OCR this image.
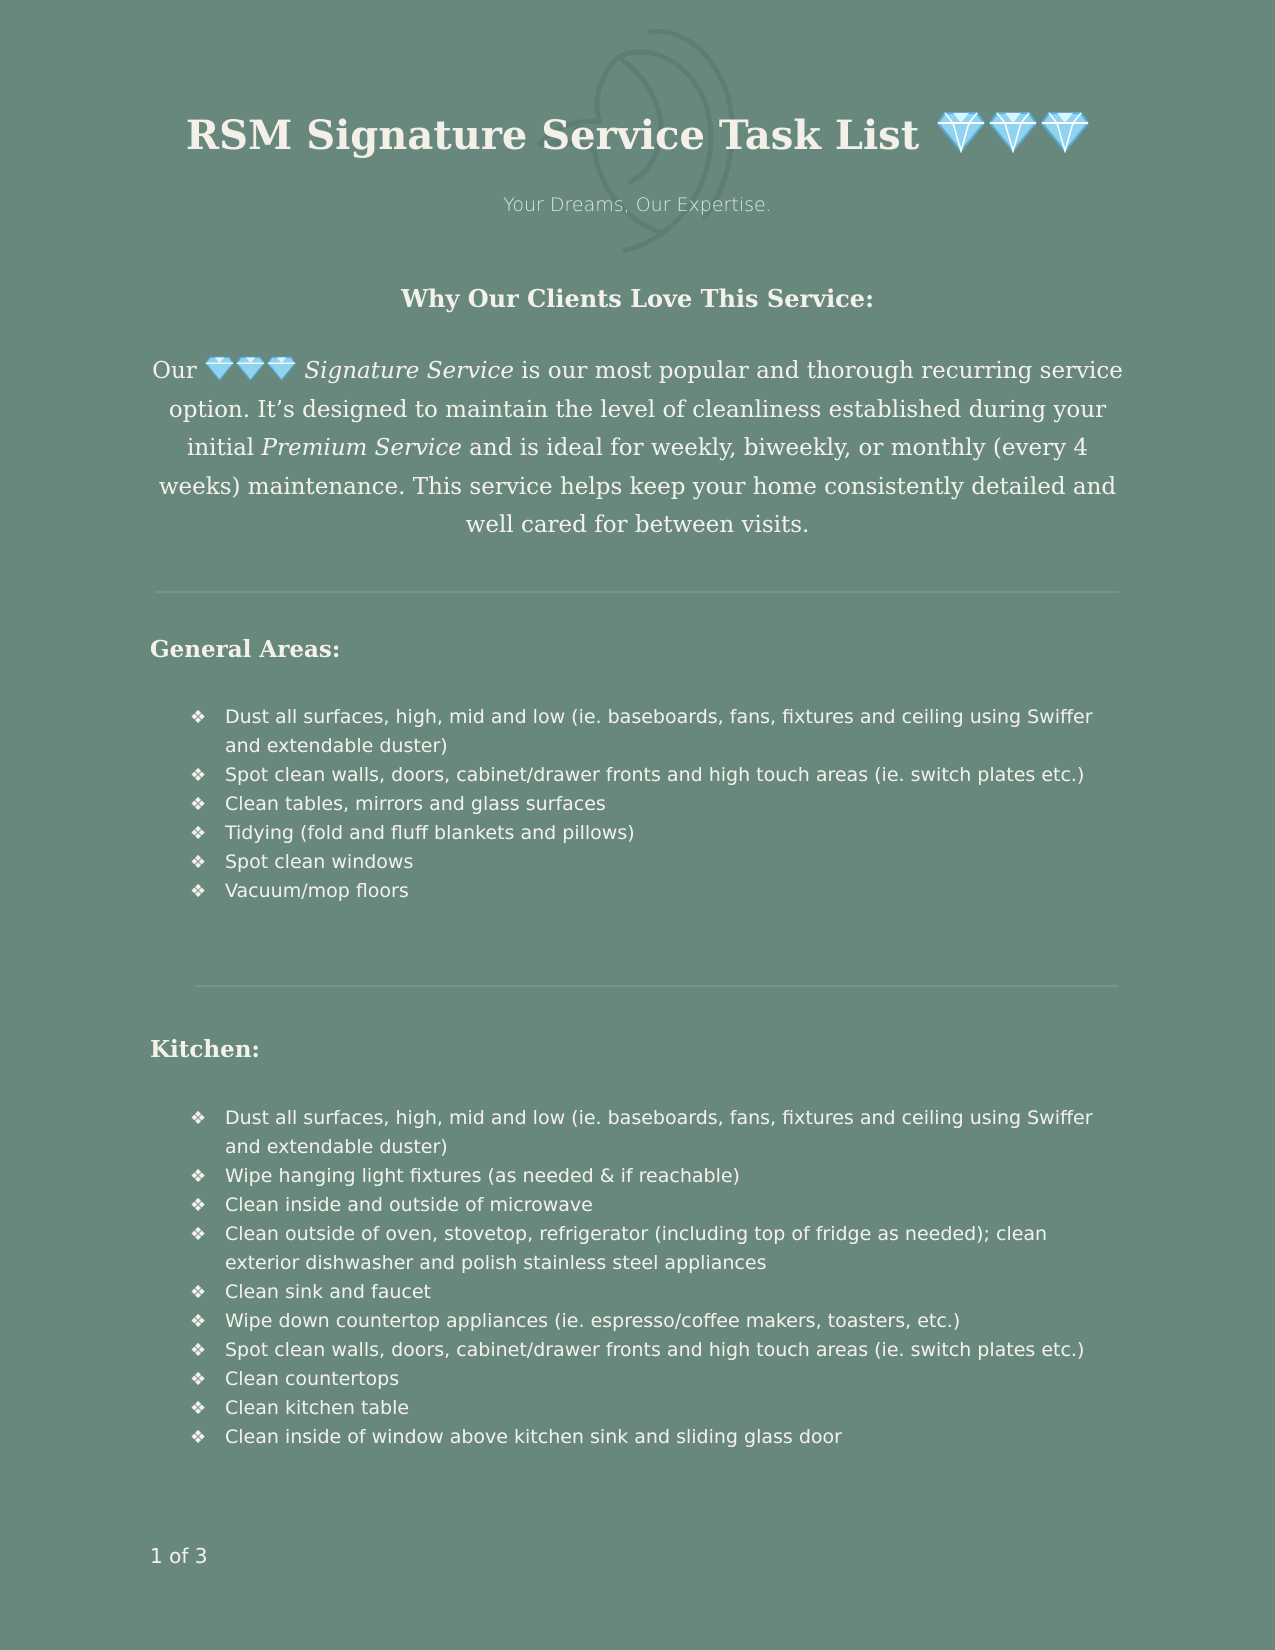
RSM Signature Service Task List
Your Dreams, Our Expertise.
Why Our Clients Love This Service:

Our	Signature Service is our most popular and thorough recurring service option. It’s designed to maintain the level of cleanliness established during your initial Premium Service and is ideal for weekly, biweekly, or monthly (every 4 weeks) maintenance. This service helps keep your home consistently detailed and well cared for between visits.

General Areas:
❖ Dust all surfaces, high, mid and low (ie. baseboards, fans, fixtures and ceiling using Swiffer and extendable duster)
❖ Spot clean walls, doors, cabinet/drawer fronts and high touch areas (ie. switch plates etc.)
❖ Clean tables, mirrors and glass surfaces
❖ Tidying (fold and fluff blankets and pillows)
❖ Spot clean windows
❖ Vacuum/mop floors
Kitchen:
❖ Dust all surfaces, high, mid and low (ie. baseboards, fans, fixtures and ceiling using Swiffer and extendable duster)
❖ Wipe hanging light fixtures (as needed & if reachable)
❖ Clean inside and outside of microwave
❖ Clean outside of oven, stovetop, refrigerator (including top of fridge as needed); clean exterior dishwasher and polish stainless steel appliances
❖ Clean sink and faucet
❖ Wipe down countertop appliances (ie. espresso/coffee makers, toasters, etc.)
❖ Spot clean walls, doors, cabinet/drawer fronts and high touch areas (ie. switch plates etc.)
❖ Clean countertops
❖ Clean kitchen table
❖ Clean inside of window above kitchen sink and sliding glass door
1 of 3
